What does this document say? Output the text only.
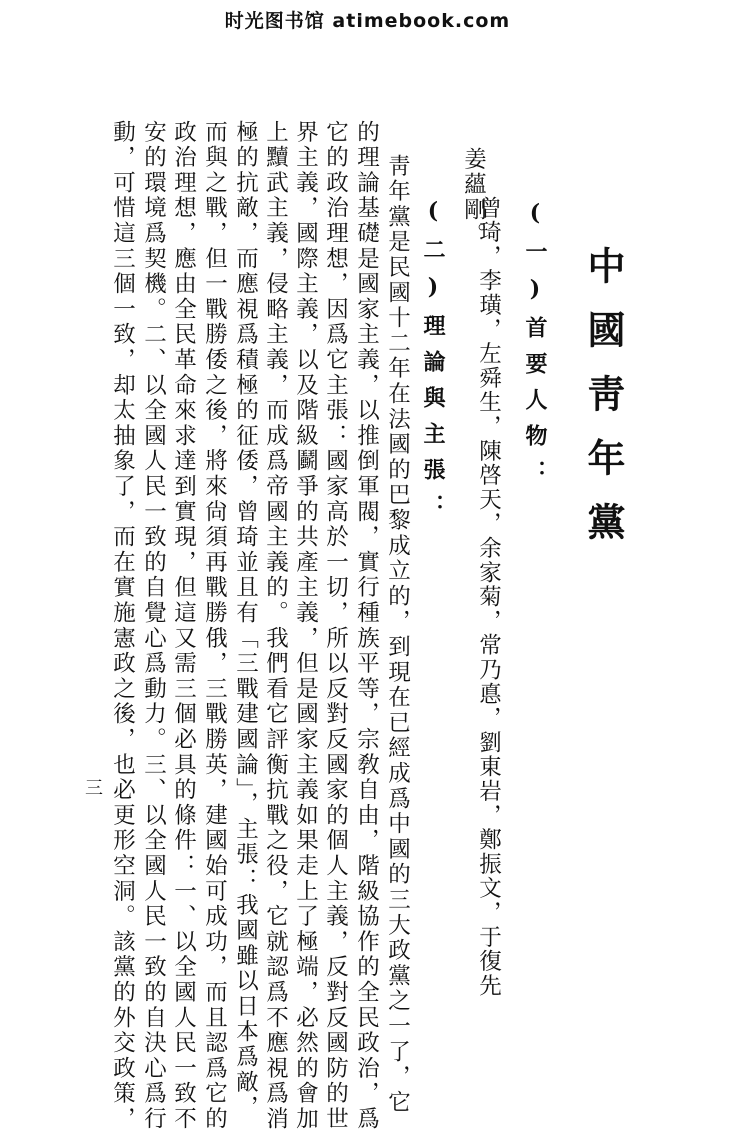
时光图书馆 atimebook.com
中國靑年黨
(一)首要人物：
曾琦，李璜，左舜生，陳啓天，余家菊，常乃悳，劉東岩，鄭振文，于復先
姜蘊剛。
(二)理論與主張：
靑年黨是民國十二年在法國的巴黎成立的，到現在已經成爲中國的三大政黨之一了，它
的理論基礎是國家主義，以推倒軍閥，實行種族平等，宗敎自由，階級協作的全民政治，爲
它的政治理想，因爲它主張：國家高於一切，所以反對反國家的個人主義，反對反國防的世
界主義，國際主義，以及階級鬬爭的共產主義，但是國家主義如果走上了極端，必然的會加
上黷武主義，侵略主義，而成爲帝國主義的。我們看它評衡抗戰之役，它就認爲不應視爲消
極的抗敵，而應視爲積極的征倭，曾琦並且有「三戰建國論」，主張：我國雖以日本爲敵，
而與之戰，但一戰勝倭之後，將來尙須再戰勝俄，三戰勝英，建國始可成功，而且認爲它的
政治理想，應由全民革命來求達到實現，但這又需三個必具的條件：一、以全國人民一致不
安的環境爲契機。二、以全國人民一致的自覺心爲動力。三、以全國人民一致的自決心爲行
動，可惜這三個一致，却太抽象了，而在實施憲政之後，也必更形空洞。該黨的外交政策，
三
